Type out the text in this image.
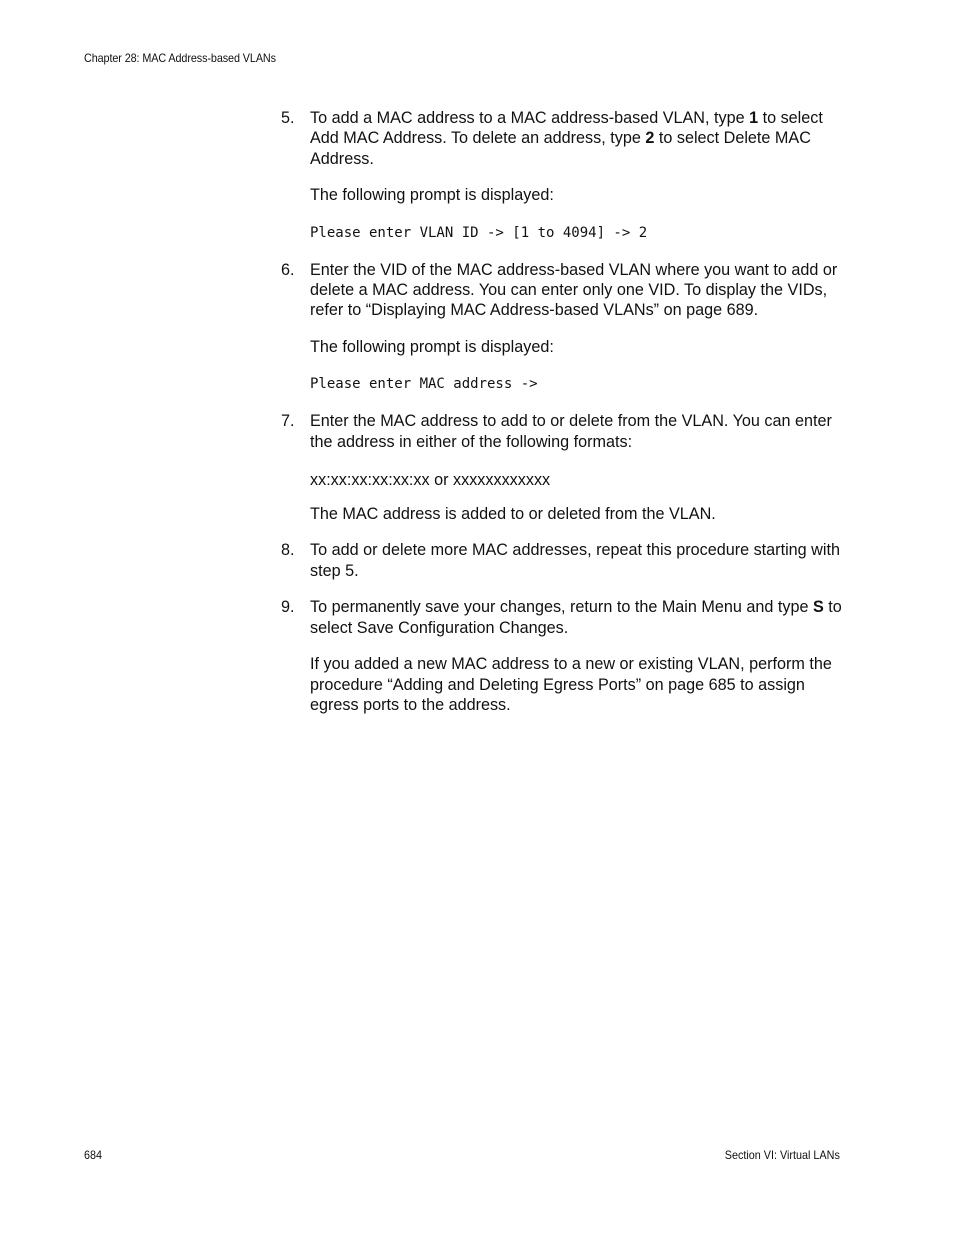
Chapter 28: MAC Address-based VLANs
5. To add a MAC address to a MAC address-based VLAN, type 1 to select Add MAC Address. To delete an address, type 2 to select Delete MAC Address.

The following prompt is displayed:

Please enter VLAN ID -> [1 to 4094] -> 2
6. Enter the VID of the MAC address-based VLAN where you want to add or delete a MAC address. You can enter only one VID. To display the VIDs, refer to “Displaying MAC Address-based VLANs” on page 689.

The following prompt is displayed:

Please enter MAC address ->
7. Enter the MAC address to add to or delete from the VLAN. You can enter the address in either of the following formats:

xx:xx:xx:xx:xx:xx or xxxxxxxxxxxx

The MAC address is added to or deleted from the VLAN.

8. To add or delete more MAC addresses, repeat this procedure starting with step 5.

9. To permanently save your changes, return to the Main Menu and type S to select Save Configuration Changes.

If you added a new MAC address to a new or existing VLAN, perform the procedure “Adding and Deleting Egress Ports” on page 685 to assign egress ports to the address.

684	Section VI: Virtual LANs
